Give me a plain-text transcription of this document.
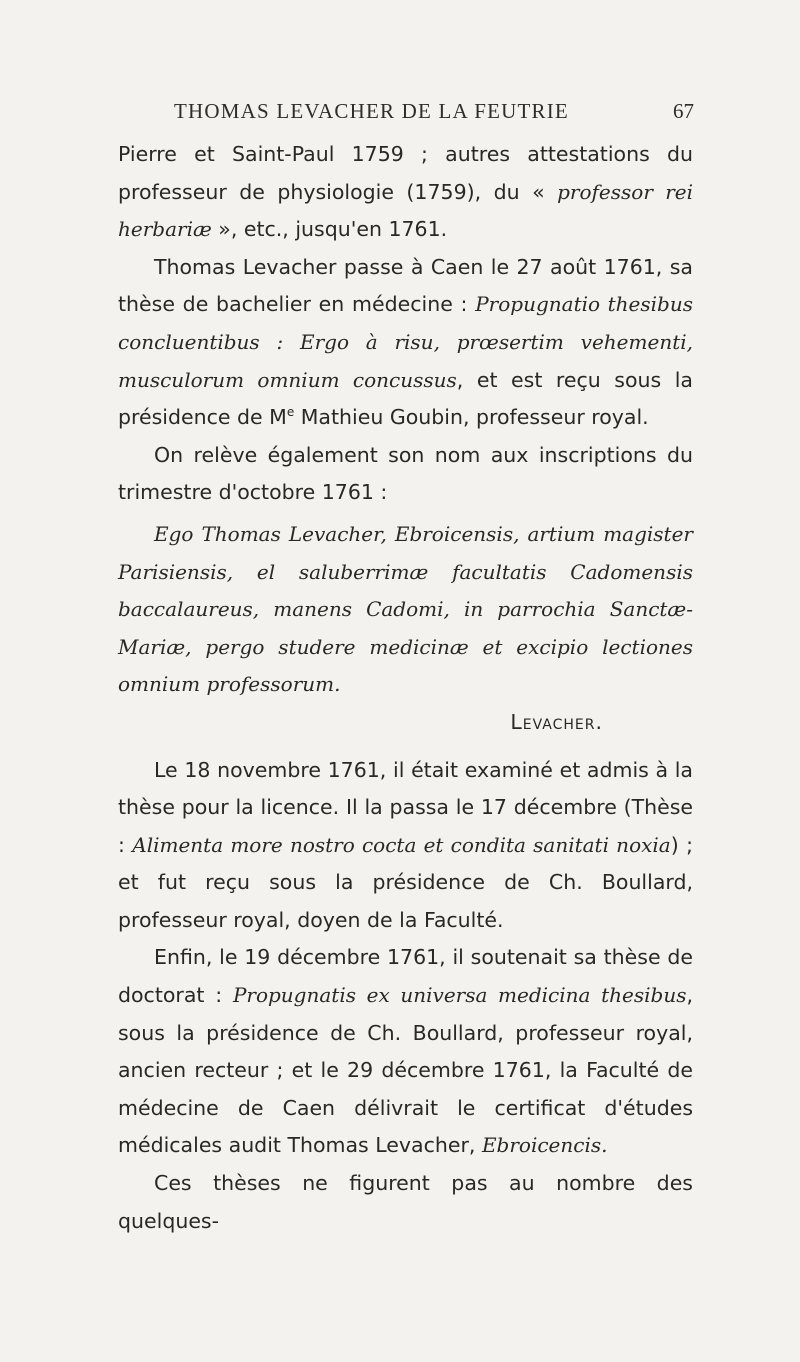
THOMAS LEVACHER DE LA FEUTRIE	67

Pierre et Saint-Paul 1759 ; autres attestations du professeur de physiologie (1759), du « professor rei herbariæ », etc., jusqu'en 1761.

Thomas Levacher passe à Caen le 27 août 1761, sa thèse de bachelier en médecine : Propugnatio thesibus concluentibus : Ergo à risu, prœsertim vehementi, musculorum omnium concussus, et est reçu sous la présidence de Me Mathieu Goubin, professeur royal.

On relève également son nom aux inscriptions du trimestre d'octobre 1761 :

Ego Thomas Levacher, Ebroicensis, artium magister Parisiensis, el saluberrimæ facultatis Cadomensis baccalaureus, manens Cadomi, in parrochia Sanctæ-Mariæ, pergo studere medicinæ et excipio lectiones omnium professorum.

Levacher.

Le 18 novembre 1761, il était examiné et admis à la thèse pour la licence. Il la passa le 17 décembre (Thèse : Alimenta more nostro cocta et condita sanitati noxia) ; et fut reçu sous la présidence de Ch. Boullard, professeur royal, doyen de la Faculté.

Enfin, le 19 décembre 1761, il soutenait sa thèse de doctorat : Propugnatis ex universa medicina thesibus, sous la présidence de Ch. Boullard, professeur royal, ancien recteur ; et le 29 décembre 1761, la Faculté de médecine de Caen délivrait le certificat d'études médicales audit Thomas Levacher, Ebroicencis.

Ces thèses ne figurent pas au nombre des quelques-
